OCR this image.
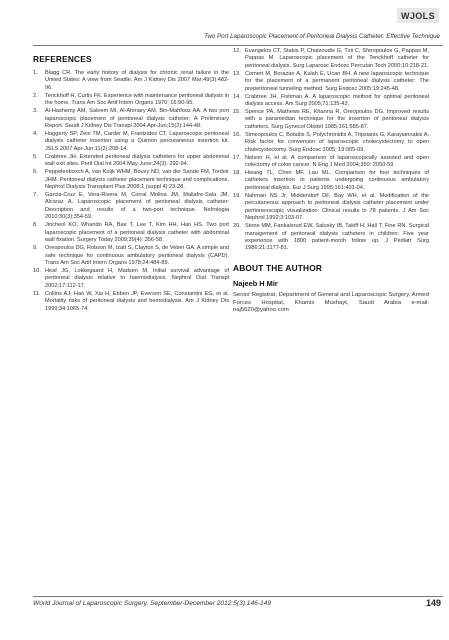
WJOLS
Two Port Laparoscopic Placement of Peritoneal Dialysis Catheter: Effective Technique
REFERENCES
1.	Blagg CR. The early history of dialysis for chronic renal failure in the United States: A view from Seattle. Am J Kidney Dis 2007 Mar;49(3):482-96.
2.	Tenckhoff H, Curtis FK. Experience with maintenance peritoneal dialysis in the home. Trans Am Soc Artif Intern Organs 1970; 16:90-95.
3.	Al-Hashemy AM, Saleem MI, Al-Ahmary AM, Bin-Mahfooz AA. A two port laparoscopic placement of peritoneal dialysis catheter: A Preliminary Report. Saudi J Kidney Dis Transpl 2004 Apr-Jun;15(2):144-48.
4.	Haggerty SP, Zeni TM, Carder M, Frantzides CT. Laparoscopic peritoneal dialysis catheter insertion using a Quinton percutaneous insertion kit. JSLS 2007 Apr-Jun;11(2):208-14.
5.	Crabtree JH. Extended peritoneal dialysis catheters for upper abdominal wall exit sites. Perit Dial Int 2004 May-June;24(3): 292-94.
6.	Peppelenbosch A, van Kuijk WHM, Bouvy ND, van der Sande FM, Tordoir JHM. Peritoneal dialysis catheter placement technique and complications. Nephrol Dialysis Transplant Plus 2008;1 (suppl 4):23-28.
7.	Garcia-Cruz E, Vera-Rivera M, Corral Molina JM, Mallafre-Sala JM, Alcaraz A. Laparoscopic placement of peritoneal dialysis catheter: Description and results of a two-port technique. Nefrologia 2010;30(3):354-59.
8.	Jincheol KO, Whando RA, Bae T, Lee T, Kim HH, Han HS. Two port laparoscopic placement of a peritoneal dialysis catheter with abdominal wall fixation. Surgery Today 2009;39(4): 356-58.
9.	Oreopoulos DG, Robson M, Izatt S, Clayton S, de Veber GA. A simple and safe technique for continuous ambulatory peritoneal dialysis (CAPD). Trans Am Soc Artif Intern Organs 1978;24:484-89.
10. Heaf JG, Lokkegaard H, Madsen M. Initial survival advantage of peritoneal dialysis relative to haemodialysis. Nephrol Dial Transpl 2002;17:112-17.
11. Collins AJ, Hao W, Xia H, Ebben JP, Everson SE, Constantini EG, et al. Mortality risks of peritoneal dialysis and hemodialysis. Am J Kidney Dis 1999;34:1065-74.
12. Evangelos CT, Stakis P, Chatzoudis G, Tzii C, Sferopoulos G, Pappas M, Pappas M. Laparoscopic placement of the Tenckhoff catheter for peritoneal dialysis. Surg Laparosc Endosc Percutan Tech 2000;10:218-21.
13. Comert M, Borazan A, Kulah E, Ucan BH. A new laparoscopic technique for the placement of a permanent peritoneal dialysis catheter: The preperitoneal tunneling method. Surg Endosc 2005;19:245-48.
14. Crabtree JH, Fishman A. A laparoscopic method for optimal peritoneal dialysis access. Am Surg 2005;71:135-43.
15. Spence PA, Mathews RE, Khanna R, Oreopoulos DG. Improved results with a paramedian technique for the insertion of peritoneal dialysis catheters. Surg Gynecol Obstet 1985;161:585-87.
16. Simeopoulos C, Botaitis S, Polychronidis A, Tripsianis G, Karayiannakis A. Risk factor for conversion of laparoscopic cholecystectomy to open cholecystectomy. Surg Endosc 2005; 19:905-09.
17. Nelson H, et al. A comparison of laparoscopically assisted and open colectomy of colon cancer. N Eng J Med 2004;350: 2050-59.
18. Hwang TL, Chen MF, Lau ML. Comparison for four techniques of catheters insertion in patients undergoing continuous ambulatory peritoneal dialysis. Eur J Surg 1995;161:401-04.
19. Nahman NS Jr, Middendorf DF, Bay WH, et al. Modification of the percutaneous approach to peritoneal dialysis catheter placement under peritoneoscopic visualization: Clinical results in 78 patients. J Am Soc Nephrol 1992;3:103-07.
20. Stone MM, Fankalsrud EW, Salusky IB, Takiff H, Hall T, Fine RN. Surgical management of peritoneal dialysis catheters in children: Five year experience with 1800 patient-month follow up. J Pediatr Surg 1986;21:1177-81.
ABOUT THE AUTHOR
Najeeb H Mir
Senior Registrar, Department of General and Laparoscopic Surgery, Armed Forces Hospital, Khamis Mushayt, Saudi Arabia e-mail: naj5620@yahoo.com
World Journal of Laparoscopic Surgery, September-December 2012;5(3):146-149	149
